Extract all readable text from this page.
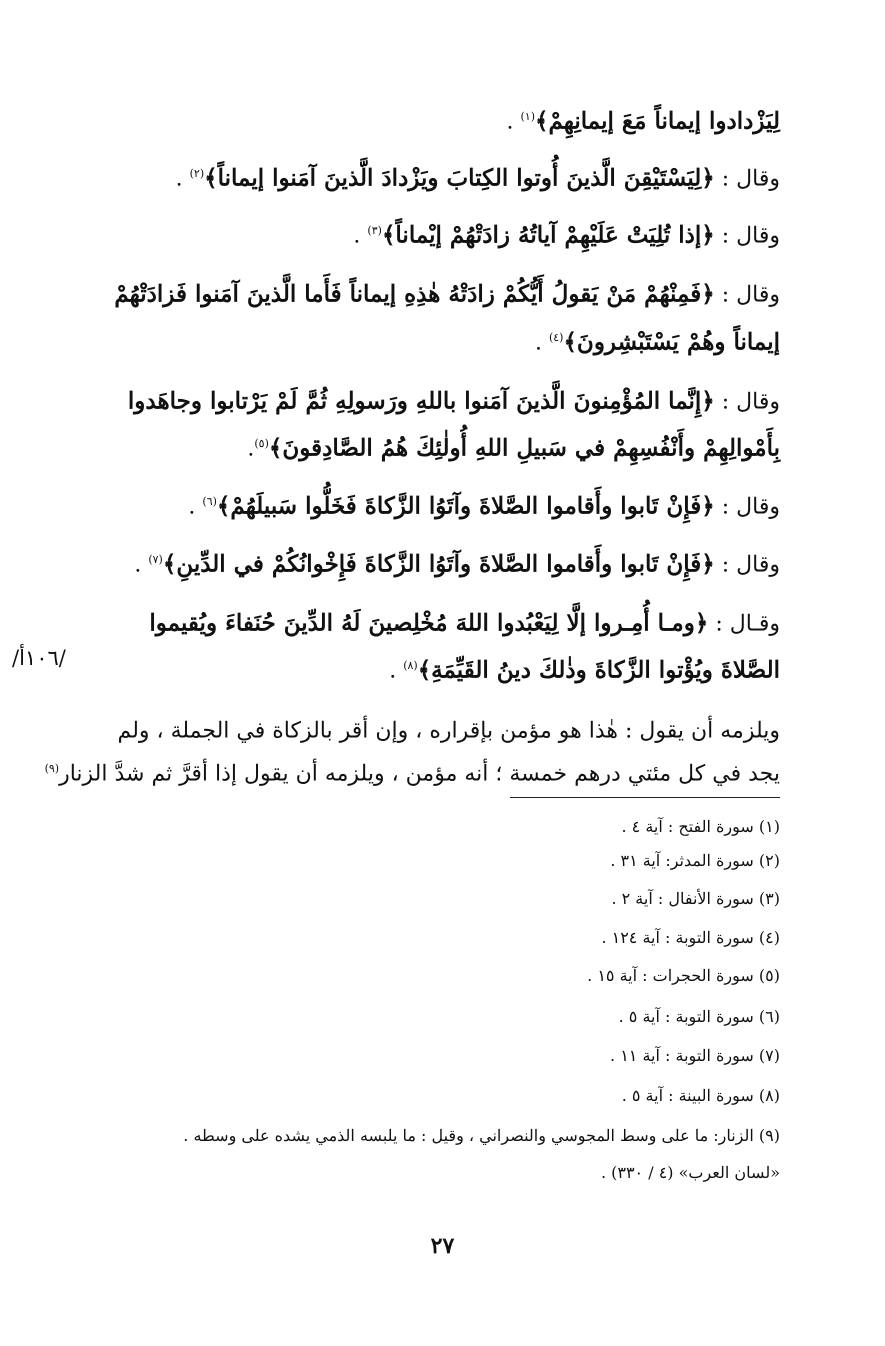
لِيَزْدادوا إيماناً مَعَ إيمانِهِمْ﴾$^{(١)}$ .
وقال : ﴿لِيَسْتَيْقِنَ الَّذينَ أُوتوا الكِتابَ ويَزْدادَ الَّذينَ آمَنوا إيماناً﴾$^{(٢)}$ .
وقال : ﴿إذا تُلِيَتْ عَلَيْهِمْ آياتُهُ زادَتْهُمْ إيْماناً﴾$^{(٣)}$ .
وقال : ﴿فَمِنْهُمْ مَنْ يَقولُ أَيُّكُمْ زادَتْهُ هٰذِهِ إيماناً فَأَما الَّذينَ آمَنوا فَزادَتْهُمْ
إيماناً وهُمْ يَسْتَبْشِرونَ﴾$^{(٤)}$ .
وقال : ﴿إِنَّما المُؤْمِنونَ الَّذينَ آمَنوا باللهِ ورَسولِهِ ثُمَّ لَمْ يَرْتابوا وجاهَدوا
بِأَمْوالِهِمْ وأَنْفُسِهِمْ في سَبيلِ اللهِ أُولٰئِكَ هُمُ الصَّادِقونَ﴾$^{(٥)}$.
وقال : ﴿فَإِنْ تَابوا وأَقاموا الصَّلاةَ وآتَوُا الزَّكاةَ فَخَلُّوا سَبيلَهُمْ﴾$^{(٦)}$ .
وقال : ﴿فَإِنْ تَابوا وأَقاموا الصَّلاةَ وآتَوُا الزَّكاةَ فَإِخْوانُكُمْ في الدِّينِ﴾$^{(٧)}$ .
وقـال : ﴿ومـا أُمِـروا إلَّا لِيَعْبُدوا اللهَ مُخْلِصينَ لَهُ الدِّينَ حُنَفاءَ ويُقيموا
الصَّلاةَ ويُؤْتوا الزَّكاةَ وذٰلكَ دينُ القَيِّمَةِ﴾$^{(٨)}$ .
ويلزمه أن يقول : هٰذا هو مؤمن بإقراره ، وإن أقر بالزكاة في الجملة ، ولم
يجد في كل مئتي درهم خمسة ؛ أنه مؤمن ، ويلزمه أن يقول إذا أقرَّ ثم شدَّ الزنار$^{(٩)}$
/١٠٦أ/
(١) سورة الفتح : آية ٤ .
(٢) سورة المدثر: آية ٣١ .
(٣) سورة الأنفال : آية ٢ .
(٤) سورة التوبة : آية ١٢٤ .
(٥) سورة الحجرات : آية ١٥ .
(٦) سورة التوبة : آية ٥ .
(٧) سورة التوبة : آية ١١ .
(٨) سورة البينة : آية ٥ .
(٩) الزنار: ما على وسط المجوسي والنصراني ، وقيل : ما يلبسه الذمي يشده على وسطه .
«لسان العرب» (٤ / ٣٣٠) .
٢٧
